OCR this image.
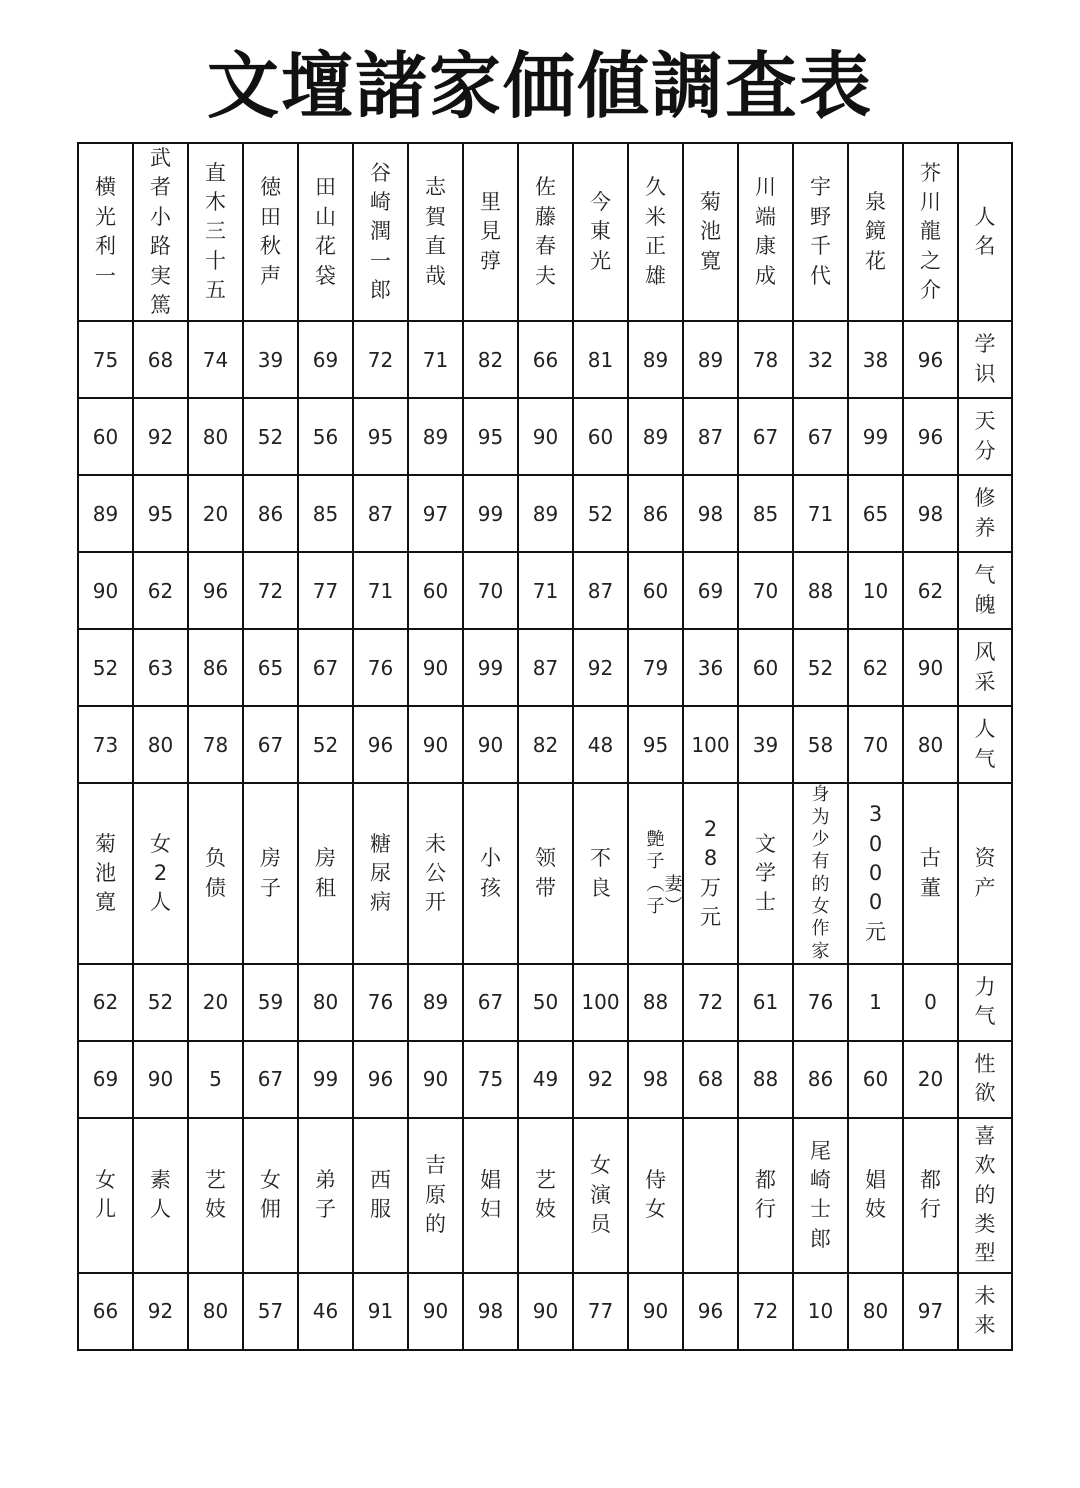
文壇諸家価値調査表
横光利一	武者小路実篤	直木三十五	徳田秋声	田山花袋	谷崎潤一郎	志賀直哉	里見 弴	佐藤春夫	今東光	久米正雄	菊池寛	川端康成	宇野千代	泉鏡花	芥川龍之介	人名
75	68	74	39	69	72	71	82	66	81	89	89	78	32	38	96	学识
60	92	80	52	56	95	89	95	90	60	89	87	67	67	99	96	天分
89	95	20	86	85	87	97	99	89	52	86	98	85	71	65	98	修养
90	62	96	72	77	71	60	70	71	87	60	69	70	88	10	62	气魄
52	63	86	65	67	76	90	99	87	92	79	36	60	52	62	90	风采
73	80	78	67	52	96	90	90	82	48	95	100	39	58	70	80	人气
菊池寛	女2人	负债	房子	房租	糖尿病	未公开	小孩	领带	不良	艶子︵妻子︶	28万元	文学士	身为少有的女作家	3000元	古董	资产
62	52	20	59	80	76	89	67	50	100	88	72	61	76	1	0	力气
69	90	5	67	99	96	90	75	49	92	98	68	88	86	60	20	性欲
女儿	素人	艺妓	女佣	弟子	西服	吉原的	娼妇	艺妓	女演员	侍女		都行	尾崎士郎	娼妓	都行	喜欢的类型
66	92	80	57	46	91	90	98	90	77	90	96	72	10	80	97	未来
